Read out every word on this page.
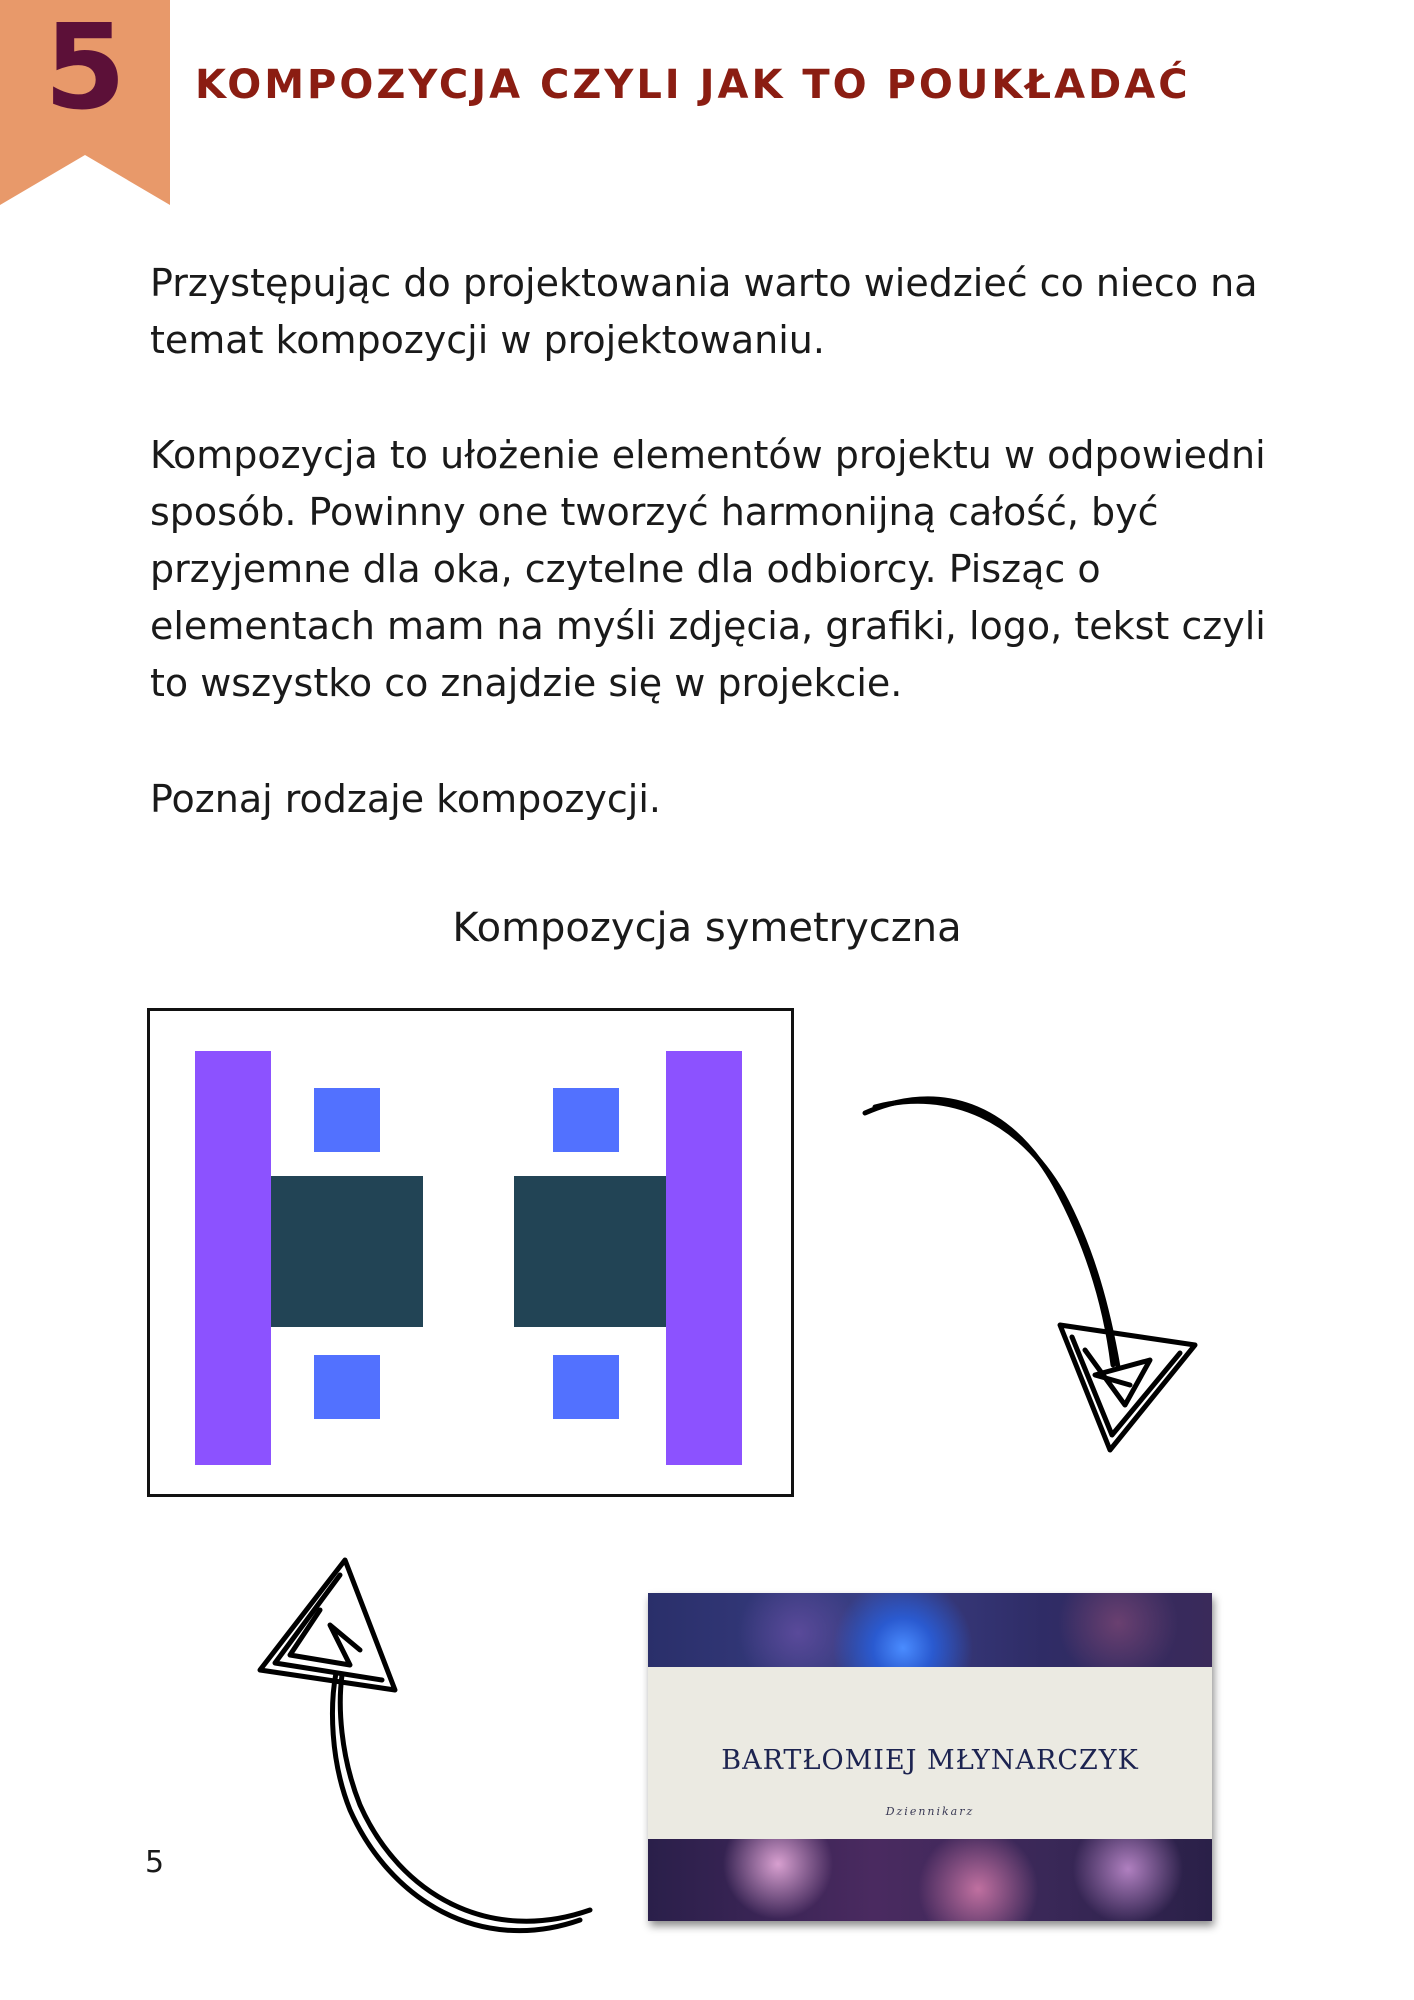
5	KOMPOZYCJA CZYLI JAK TO POUKŁADAĆ

Przystępując do projektowania warto wiedzieć co nieco na temat kompozycji w projektowaniu.

Kompozycja to ułożenie elementów projektu w odpowiedni sposób. Powinny one tworzyć harmonijną całość, być przyjemne dla oka, czytelne dla odbiorcy. Pisząc o elementach mam na myśli zdjęcia, grafiki, logo, tekst czyli to wszystko co znajdzie się w projekcie.

Poznaj rodzaje kompozycji.

Kompozycja symetryczna
BARTŁOMIEJ MŁYNARCZYK
Dziennikarz
5
